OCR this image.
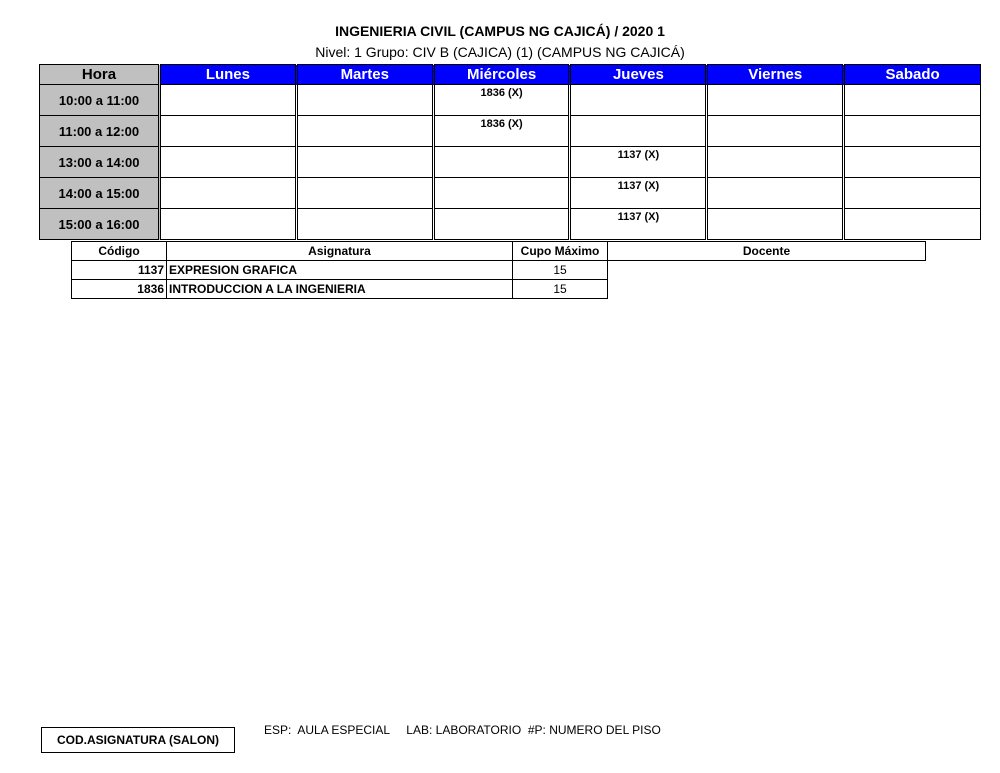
INGENIERIA CIVIL (CAMPUS NG CAJICÁ) / 2020 1
Nivel: 1 Grupo: CIV B (CAJICA) (1) (CAMPUS NG CAJICÁ)
Hora	Lunes	Martes	Miércoles	Jueves	Viernes	Sabado
10:00 a 11:00			1836 (X)			
11:00 a 12:00			1836 (X)			
13:00 a 14:00				1137 (X)		
14:00 a 15:00				1137 (X)		
15:00 a 16:00				1137 (X)		
Código	Asignatura	Cupo Máximo	Docente
1137	EXPRESION GRAFICA	15	
1836	INTRODUCCION A LA INGENIERIA	15	
COD.ASIGNATURA (SALON)
ESP:  AULA ESPECIAL     LAB: LABORATORIO  #P: NUMERO DEL PISO
